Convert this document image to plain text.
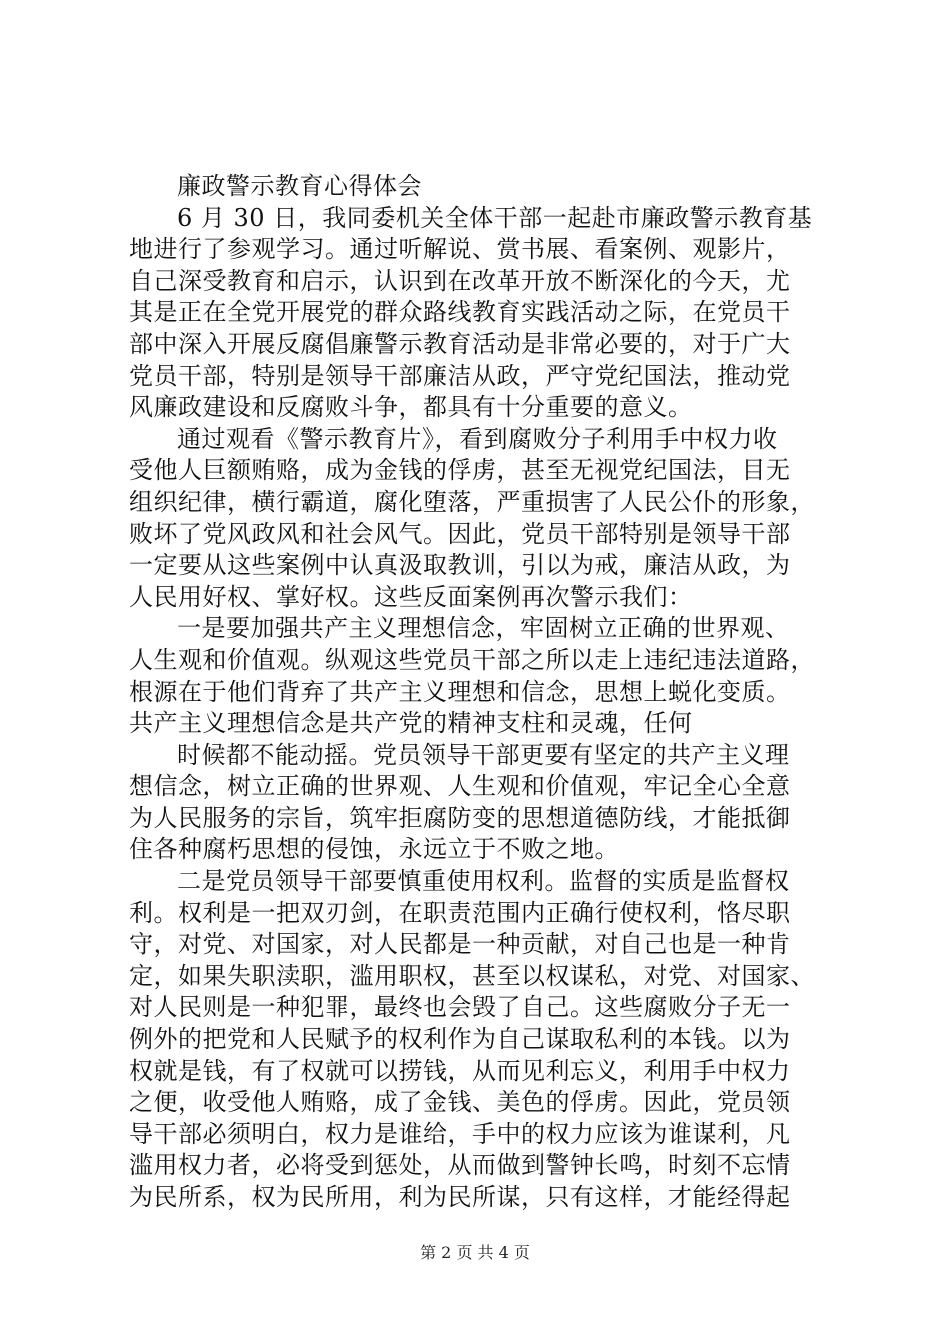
廉政警示教育心得体会
6 月 30 日，我同委机关全体干部一起赴市廉政警示教育基
地进行了参观学习。通过听解说、赏书展、看案例、观影片，
自己深受教育和启示，认识到在改革开放不断深化的今天，尤
其是正在全党开展党的群众路线教育实践活动之际，在党员干
部中深入开展反腐倡廉警示教育活动是非常必要的，对于广大
党员干部，特别是领导干部廉洁从政，严守党纪国法，推动党
风廉政建设和反腐败斗争，都具有十分重要的意义。
通过观看《警示教育片》，看到腐败分子利用手中权力收
受他人巨额贿赂，成为金钱的俘虏，甚至无视党纪国法，目无
组织纪律，横行霸道，腐化堕落，严重损害了人民公仆的形象，
败坏了党风政风和社会风气。因此，党员干部特别是领导干部
一定要从这些案例中认真汲取教训，引以为戒，廉洁从政，为
人民用好权、掌好权。这些反面案例再次警示我们：
一是要加强共产主义理想信念，牢固树立正确的世界观、
人生观和价值观。纵观这些党员干部之所以走上违纪违法道路，
根源在于他们背弃了共产主义理想和信念，思想上蜕化变质。
共产主义理想信念是共产党的精神支柱和灵魂，任何
时候都不能动摇。党员领导干部更要有坚定的共产主义理
想信念，树立正确的世界观、人生观和价值观，牢记全心全意
为人民服务的宗旨，筑牢拒腐防变的思想道德防线，才能抵御
住各种腐朽思想的侵蚀，永远立于不败之地。
二是党员领导干部要慎重使用权利。监督的实质是监督权
利。权利是一把双刃剑，在职责范围内正确行使权利，恪尽职
守，对党、对国家，对人民都是一种贡献，对自己也是一种肯
定，如果失职渎职，滥用职权，甚至以权谋私，对党、对国家、
对人民则是一种犯罪，最终也会毁了自己。这些腐败分子无一
例外的把党和人民赋予的权利作为自己谋取私利的本钱。以为
权就是钱，有了权就可以捞钱，从而见利忘义，利用手中权力
之便，收受他人贿赂，成了金钱、美色的俘虏。因此，党员领
导干部必须明白，权力是谁给，手中的权力应该为谁谋利，凡
滥用权力者，必将受到惩处，从而做到警钟长鸣，时刻不忘情
为民所系，权为民所用，利为民所谋，只有这样，才能经得起
第 2 页 共 4 页
